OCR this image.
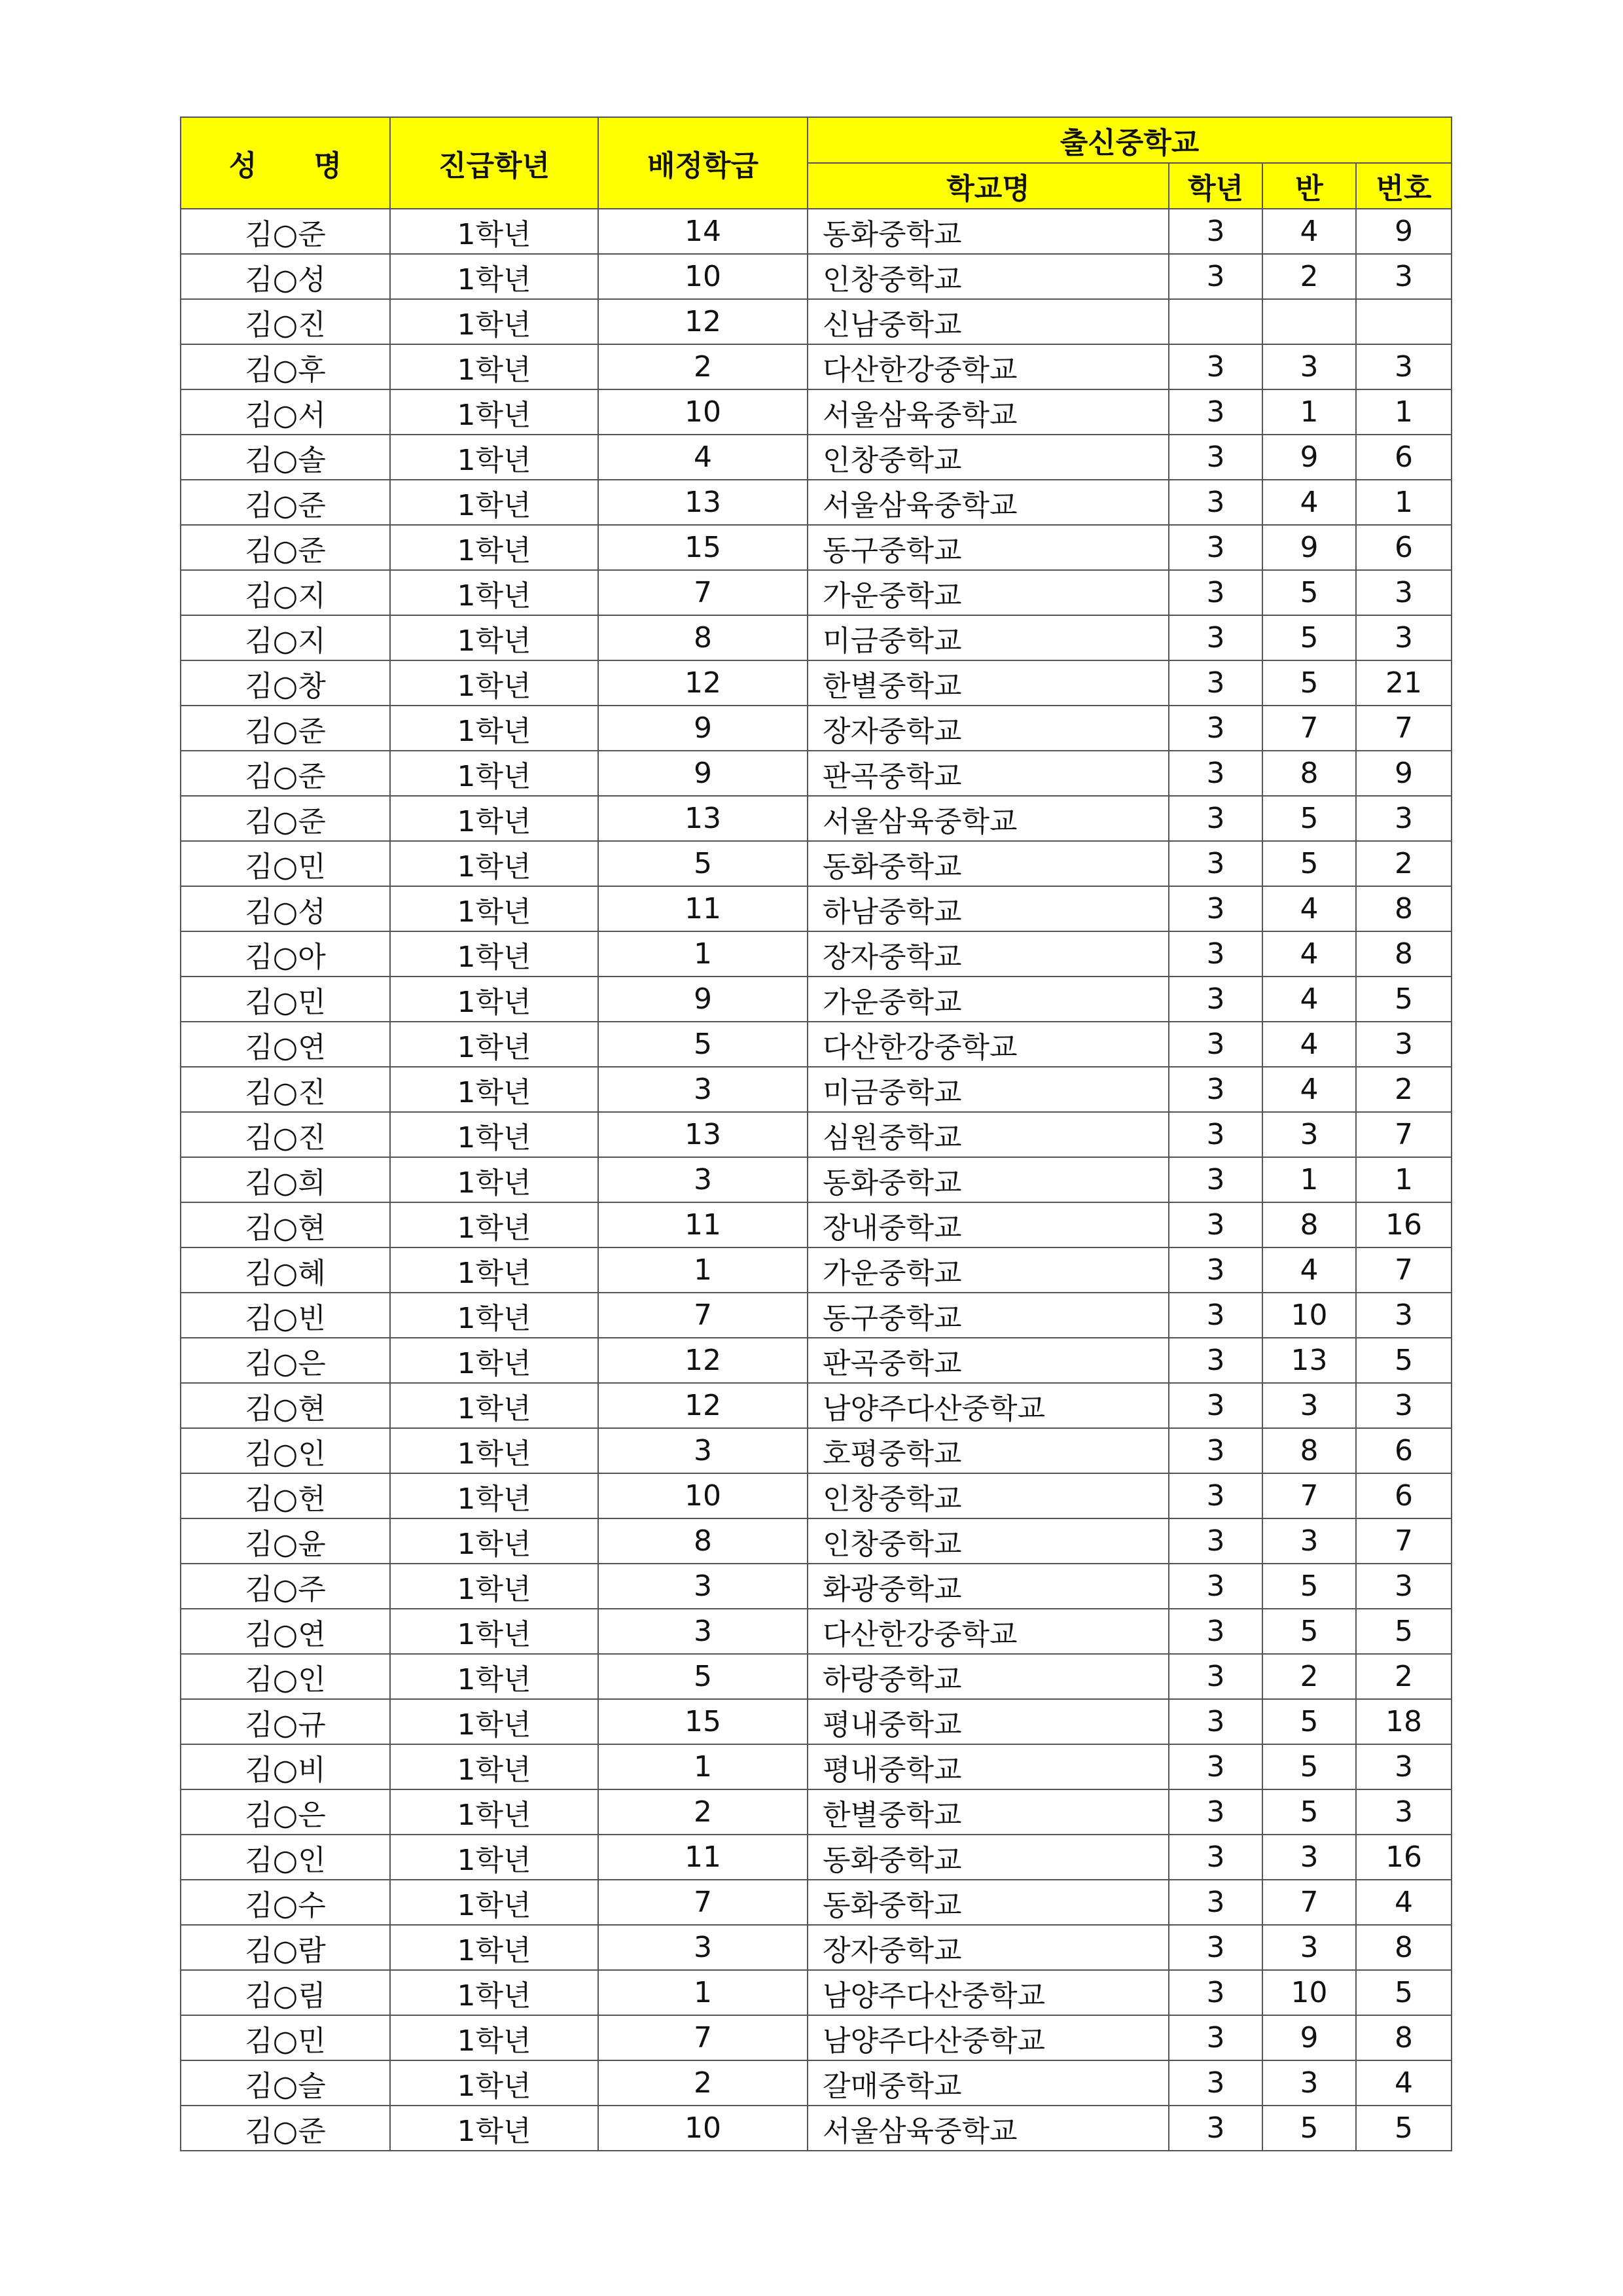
성 명	진급학년	배정학급	출신중학교			
			학교명	학년	반	번호
김○준	1학년	14	동화중학교	3	4	9
김○성	1학년	10	인창중학교	3	2	3
김○진	1학년	12	신남중학교			
김○후	1학년	2	다산한강중학교	3	3	3
김○서	1학년	10	서울삼육중학교	3	1	1
김○솔	1학년	4	인창중학교	3	9	6
김○준	1학년	13	서울삼육중학교	3	4	1
김○준	1학년	15	동구중학교	3	9	6
김○지	1학년	7	가운중학교	3	5	3
김○지	1학년	8	미금중학교	3	5	3
김○창	1학년	12	한별중학교	3	5	21
김○준	1학년	9	장자중학교	3	7	7
김○준	1학년	9	판곡중학교	3	8	9
김○준	1학년	13	서울삼육중학교	3	5	3
김○민	1학년	5	동화중학교	3	5	2
김○성	1학년	11	하남중학교	3	4	8
김○아	1학년	1	장자중학교	3	4	8
김○민	1학년	9	가운중학교	3	4	5
김○연	1학년	5	다산한강중학교	3	4	3
김○진	1학년	3	미금중학교	3	4	2
김○진	1학년	13	심원중학교	3	3	7
김○희	1학년	3	동화중학교	3	1	1
김○현	1학년	11	장내중학교	3	8	16
김○혜	1학년	1	가운중학교	3	4	7
김○빈	1학년	7	동구중학교	3	10	3
김○은	1학년	12	판곡중학교	3	13	5
김○현	1학년	12	남양주다산중학교	3	3	3
김○인	1학년	3	호평중학교	3	8	6
김○헌	1학년	10	인창중학교	3	7	6
김○윤	1학년	8	인창중학교	3	3	7
김○주	1학년	3	화광중학교	3	5	3
김○연	1학년	3	다산한강중학교	3	5	5
김○인	1학년	5	하랑중학교	3	2	2
김○규	1학년	15	평내중학교	3	5	18
김○비	1학년	1	평내중학교	3	5	3
김○은	1학년	2	한별중학교	3	5	3
김○인	1학년	11	동화중학교	3	3	16
김○수	1학년	7	동화중학교	3	7	4
김○람	1학년	3	장자중학교	3	3	8
김○림	1학년	1	남양주다산중학교	3	10	5
김○민	1학년	7	남양주다산중학교	3	9	8
김○슬	1학년	2	갈매중학교	3	3	4
김○준	1학년	10	서울삼육중학교	3	5	5
